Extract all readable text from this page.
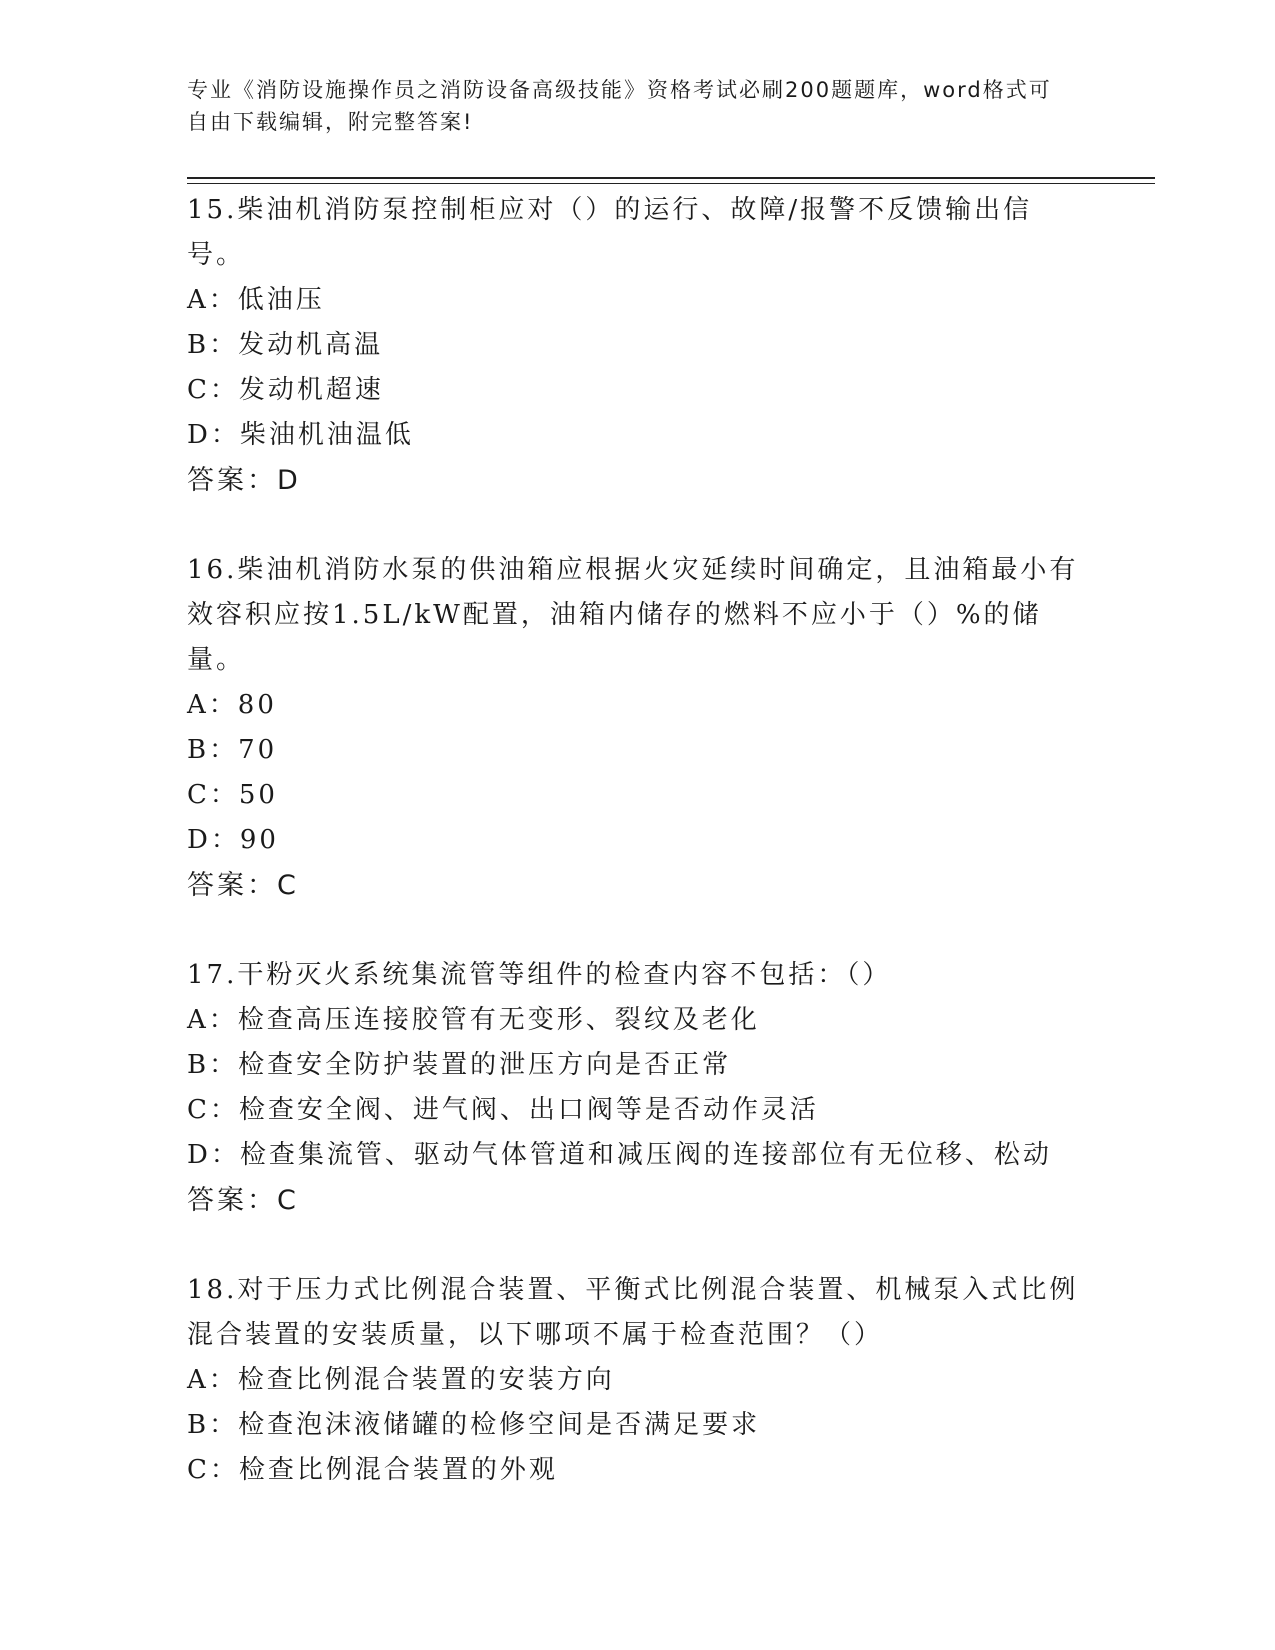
专业《消防设施操作员之消防设备高级技能》资格考试必刷200题题库，word格式可自由下载编辑，附完整答案!
15.柴油机消防泵控制柜应对（）的运行、故障/报警不反馈输出信号。
A：低油压
B：发动机高温
C：发动机超速
D：柴油机油温低
答案：D
16.柴油机消防水泵的供油箱应根据火灾延续时间确定，且油箱最小有效容积应按1.5L/kW配置，油箱内储存的燃料不应小于（）%的储量。
A：80
B：70
C：50
D：90
答案：C
17.干粉灭火系统集流管等组件的检查内容不包括：（）
A：检查高压连接胶管有无变形、裂纹及老化
B：检查安全防护装置的泄压方向是否正常
C：检查安全阀、进气阀、出口阀等是否动作灵活
D：检查集流管、驱动气体管道和减压阀的连接部位有无位移、松动
答案：C
18.对于压力式比例混合装置、平衡式比例混合装置、机械泵入式比例混合装置的安装质量，以下哪项不属于检查范围？（）
A：检查比例混合装置的安装方向
B：检查泡沫液储罐的检修空间是否满足要求
C：检查比例混合装置的外观
